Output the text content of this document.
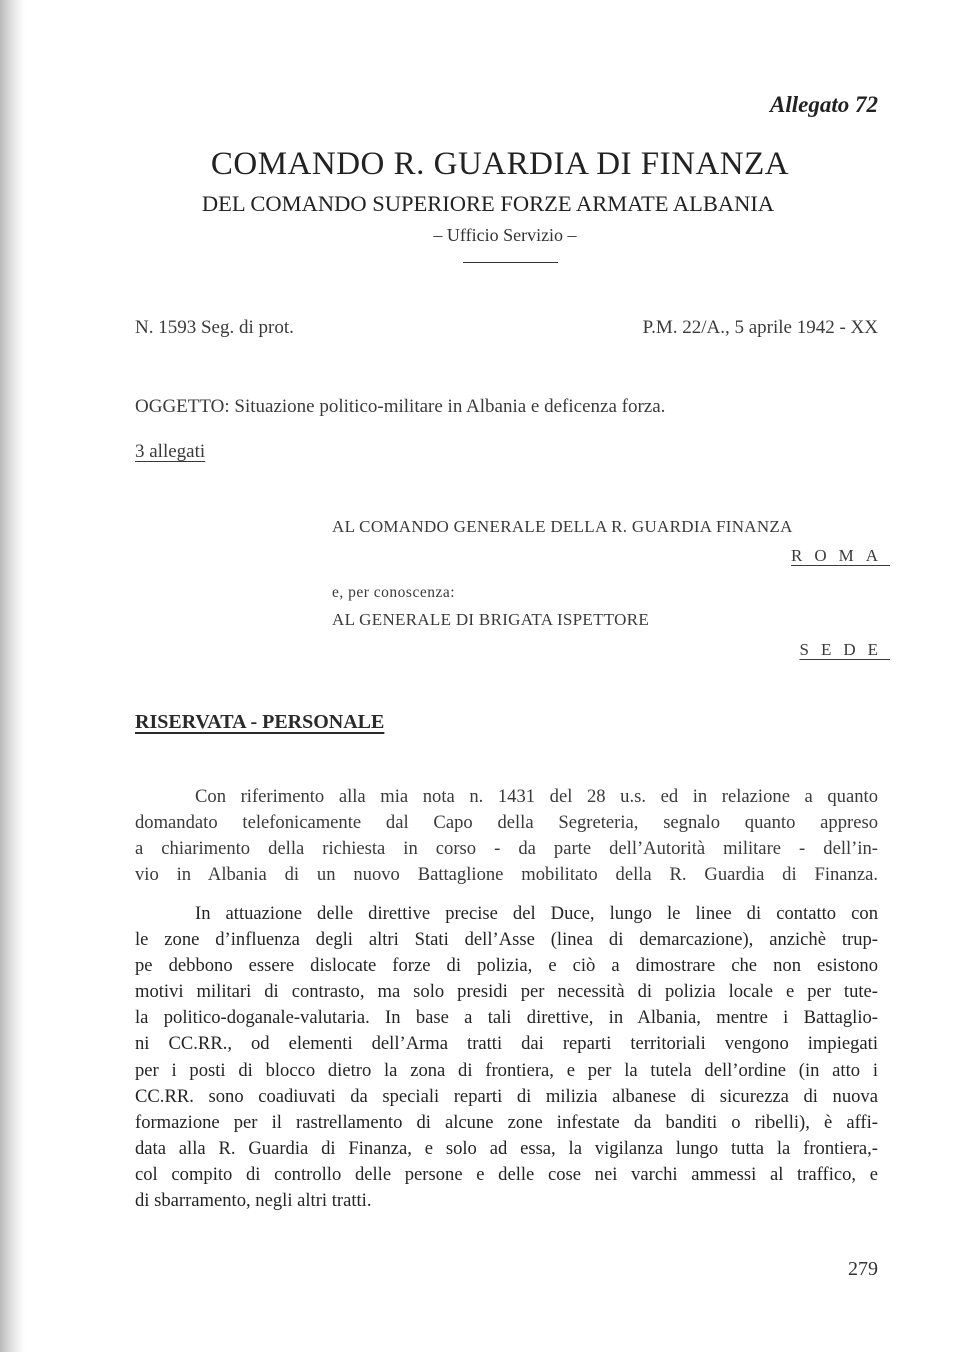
Allegato 72
COMANDO R. GUARDIA DI FINANZA
DEL COMANDO SUPERIORE FORZE ARMATE ALBANIA
– Ufficio Servizio –
N. 1593 Seg. di prot.	P.M. 22/A., 5 aprile 1942 - XX
OGGETTO: Situazione politico-militare in Albania e deficenza forza.
3 allegati
AL COMANDO GENERALE DELLA R. GUARDIA FINANZA
ROMA
e, per conoscenza:
AL GENERALE DI BRIGATA ISPETTORE
SEDE
RISERVATA - PERSONALE
Con riferimento alla mia nota n. 1431 del 28 u.s. ed in relazione a quanto
domandato telefonicamente dal Capo della Segreteria, segnalo quanto appreso
a chiarimento della richiesta in corso - da parte dell’Autorità militare - dell’in-
vio in Albania di un nuovo Battaglione mobilitato della R. Guardia di Finanza.
In attuazione delle direttive precise del Duce, lungo le linee di contatto con
le zone d’influenza degli altri Stati dell’Asse (linea di demarcazione), anzichè trup-
pe debbono essere dislocate forze di polizia, e ciò a dimostrare che non esistono
motivi militari di contrasto, ma solo presidi per necessità di polizia locale e per tute-
la politico-doganale-valutaria. In base a tali direttive, in Albania, mentre i Battaglio-
ni CC.RR., od elementi dell’Arma tratti dai reparti territoriali vengono impiegati
per i posti di blocco dietro la zona di frontiera, e per la tutela dell’ordine (in atto i
CC.RR. sono coadiuvati da speciali reparti di milizia albanese di sicurezza di nuova
formazione per il rastrellamento di alcune zone infestate da banditi o ribelli), è affi-
data alla R. Guardia di Finanza, e solo ad essa, la vigilanza lungo tutta la frontiera,-
col compito di controllo delle persone e delle cose nei varchi ammessi al traffico, e
di sbarramento, negli altri tratti.
279
